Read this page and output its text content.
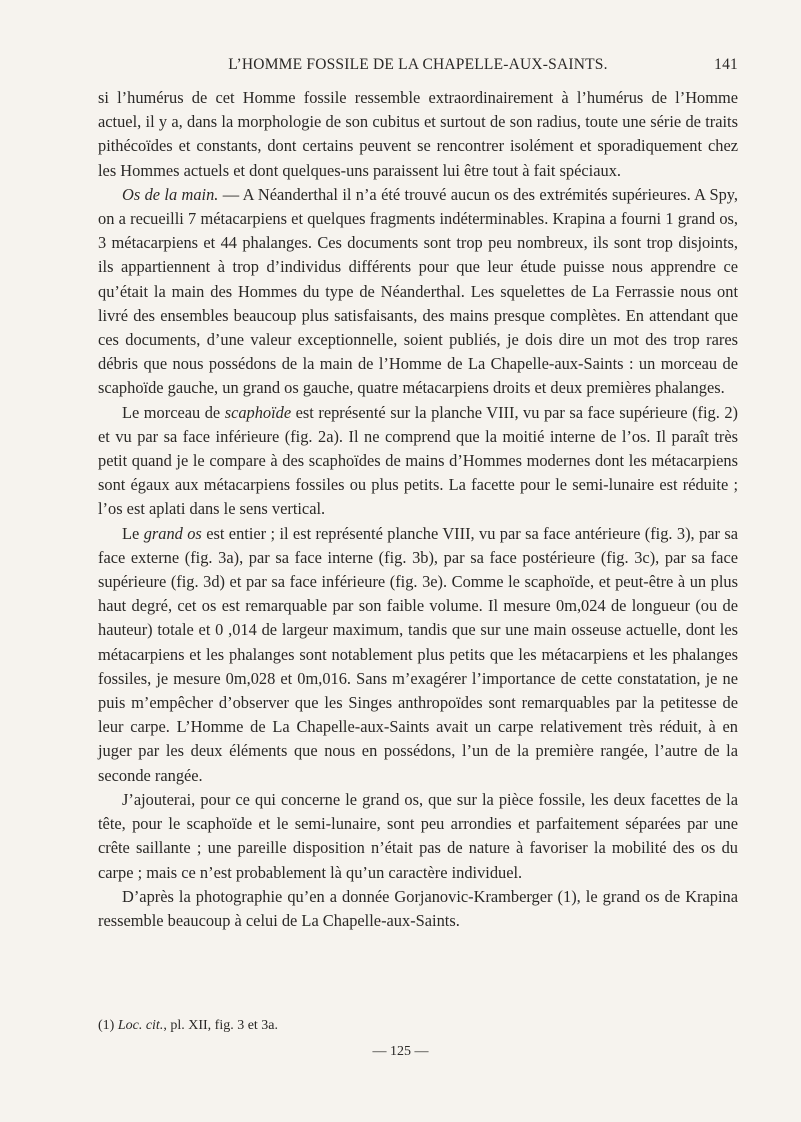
L’HOMME FOSSILE DE LA CHAPELLE-AUX-SAINTS.	141

si l’humérus de cet Homme fossile ressemble extraordinairement à l’humérus de l’Homme actuel, il y a, dans la morphologie de son cubitus et surtout de son radius, toute une série de traits pithécoïdes et constants, dont certains peuvent se rencontrer isolément et sporadiquement chez les Hommes actuels et dont quelques-uns paraissent lui être tout à fait spéciaux.

Os de la main. — A Néanderthal il n’a été trouvé aucun os des extrémités supérieures. A Spy, on a recueilli 7 métacarpiens et quelques fragments indéterminables. Krapina a fourni 1 grand os, 3 métacarpiens et 44 phalanges. Ces documents sont trop peu nombreux, ils sont trop disjoints, ils appartiennent à trop d’individus différents pour que leur étude puisse nous apprendre ce qu’était la main des Hommes du type de Néanderthal. Les squelettes de La Ferrassie nous ont livré des ensembles beaucoup plus satisfaisants, des mains presque complètes. En attendant que ces documents, d’une valeur exceptionnelle, soient publiés, je dois dire un mot des trop rares débris que nous possédons de la main de l’Homme de La Chapelle-aux-Saints : un morceau de scaphoïde gauche, un grand os gauche, quatre métacarpiens droits et deux premières phalanges.

Le morceau de scaphoïde est représenté sur la planche VIII, vu par sa face supérieure (fig. 2) et vu par sa face inférieure (fig. 2a). Il ne comprend que la moitié interne de l’os. Il paraît très petit quand je le compare à des scaphoïdes de mains d’Hommes modernes dont les métacarpiens sont égaux aux métacarpiens fossiles ou plus petits. La facette pour le semi-lunaire est réduite ; l’os est aplati dans le sens vertical.

Le grand os est entier ; il est représenté planche VIII, vu par sa face antérieure (fig. 3), par sa face externe (fig. 3a), par sa face interne (fig. 3b), par sa face postérieure (fig. 3c), par sa face supérieure (fig. 3d) et par sa face inférieure (fig. 3e). Comme le scaphoïde, et peut-être à un plus haut degré, cet os est remarquable par son faible volume. Il mesure 0m,024 de longueur (ou de hauteur) totale et 0 ,014 de largeur maximum, tandis que sur une main osseuse actuelle, dont les métacarpiens et les phalanges sont notablement plus petits que les métacarpiens et les phalanges fossiles, je mesure 0m,028 et 0m,016. Sans m’exagérer l’importance de cette constatation, je ne puis m’empêcher d’observer que les Singes anthropoïdes sont remarquables par la petitesse de leur carpe. L’Homme de La Chapelle-aux-Saints avait un carpe relativement très réduit, à en juger par les deux éléments que nous en possédons, l’un de la première rangée, l’autre de la seconde rangée.

J’ajouterai, pour ce qui concerne le grand os, que sur la pièce fossile, les deux facettes de la tête, pour le scaphoïde et le semi-lunaire, sont peu arrondies et parfaitement séparées par une crête saillante ; une pareille disposition n’était pas de nature à favoriser la mobilité des os du carpe ; mais ce n’est probablement là qu’un caractère individuel.

D’après la photographie qu’en a donnée Gorjanovic-Kramberger (1), le grand os de Krapina ressemble beaucoup à celui de La Chapelle-aux-Saints.

(1) Loc. cit., pl. XII, fig. 3 et 3a.
— 125 —
